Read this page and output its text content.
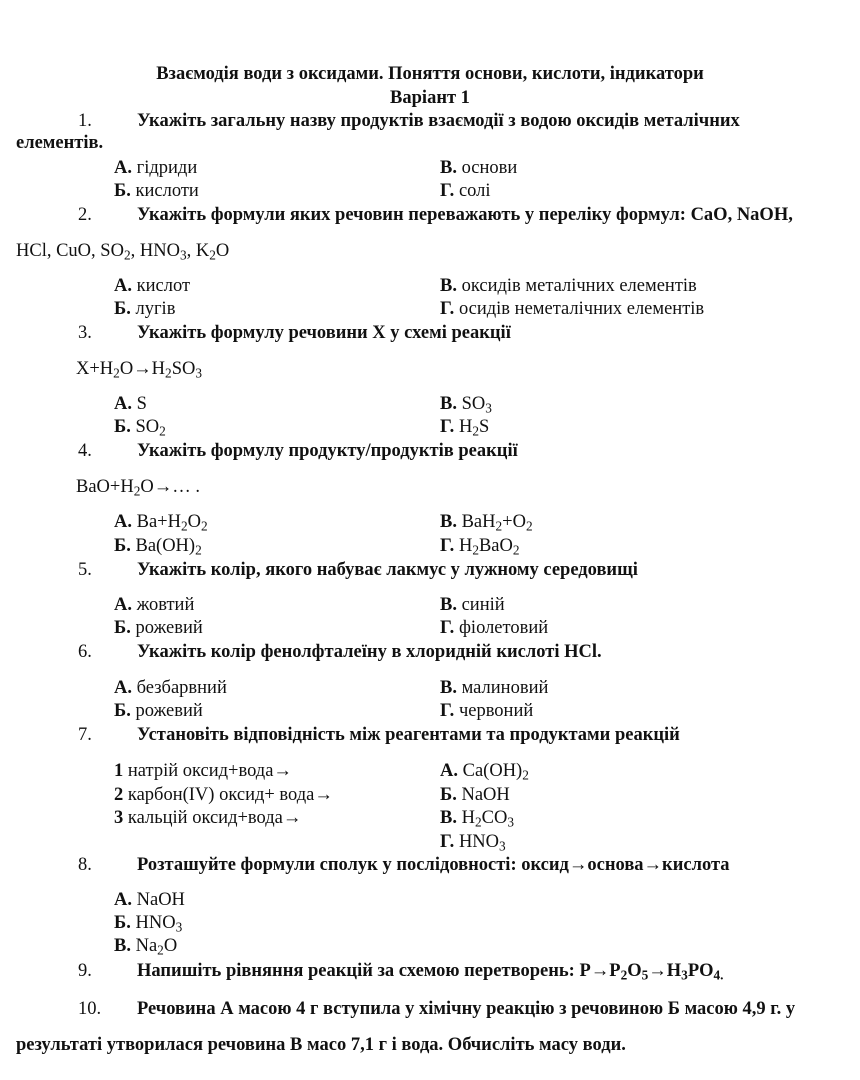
Взаємодія води з оксидами. Поняття основи, кислоти, індикатори
Варіант 1
1.	Укажіть загальну назву продуктів взаємодії з водою оксидів металічних
елементів.
А. гідриди
Б. кислоти
В. основи
Г. солі
2.	Укажіть формули яких речовин переважають у переліку формул: CaO, NaOH,
HCl, CuO, $SO_2$, $HNO_3$, $K_2O$
А. кислот
Б. лугів
В. оксидів металічних елементів
Г. осидів неметалічних елементів
3.	Укажіть формулу речовини Х у схемі реакції
$X+H_2O\to H_2SO_3$
А. S
Б. $SO_2$
В. $SO_3$
Г. $H_2S$
4.	Укажіть формулу продукту/продуктів реакції
$BaO+H_2O\to\dots$ .
А. $Ba+H_2O_2$
Б. $Ba(OH)_2$
В. $BaH_2+O_2$
Г. $H_2BaO_2$
5.	Укажіть колір, якого набуває лакмус у лужному середовищі
А. жовтий
Б. рожевий
В. синій
Г. фіолетовий
6.	Укажіть колір фенолфталеїну в хлоридній кислоті HCl.
А. безбарвний
Б. рожевий
В. малиновий
Г. червоний
7.	Установіть відповідність між реагентами та продуктами реакцій
1 натрій оксид+вода→
2 карбон(IV) оксид+ вода→
3 кальцій оксид+вода→
А. $Ca(OH)_2$
Б. NaOH
В. $H_2CO_3$
Г. $HNO_3$
8.	Розташуйте формули сполук у послідовності: оксид→основа→кислота
А. NaOH
Б. $HNO_3$
В. $Na_2O$
9.	Напишіть рівняння реакцій за схемою перетворень: $P\to P_2O_5\to H_3PO_{4.}$
10.	Речовина А масою 4 г вступила у хімічну реакцію з речовиною Б масою 4,9 г. у
результаті утворилася речовина В масо 7,1 г і вода. Обчисліть масу води.
